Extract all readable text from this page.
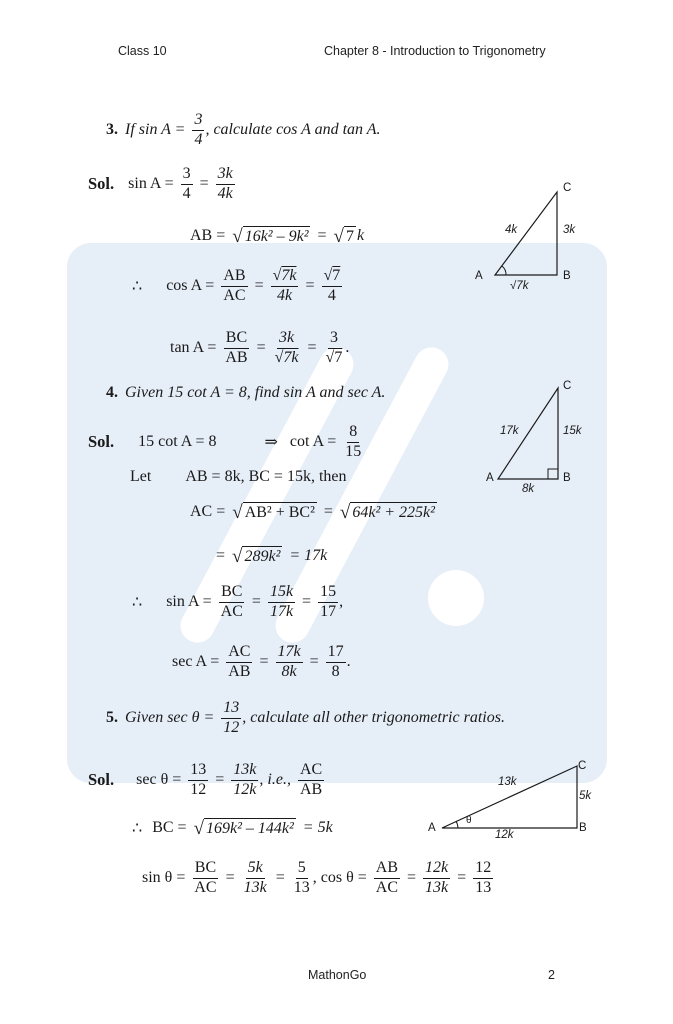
Class 10	Chapter 8 - Introduction to Trigonometry
3. If $\sin A = \frac{3}{4}$ , calculate cos A and tan A.
Sol. $\sin A = \frac{3}{4} = \frac{3k}{4k}$
AB = √ 16k² – 9k² = √ 7 k
∴ $\cos A = \frac{AB}{AC} = \frac{√7k}{4k} = \frac{√7}{4}$
$\tan A = \frac{BC}{AB} = \frac{3k}{√7k} = \frac{3}{√7}$ .
C
A	B
4k	3k
√7k
4. Given 15 cot A = 8, find sin A and sec A.
Sol. 15 cot A = 8	⇒ $\cot A = \frac{8}{15}$
Let AB = 8k, BC = 15k, then
AC = √ AB² + BC² = √ 64k² + 225k²
= √ 289k² = 17k
∴ $\sin A = \frac{BC}{AC} = \frac{15k}{17k} = \frac{15}{17}$ ,
$\sec A = \frac{AC}{AB} = \frac{17k}{8k} = \frac{17}{8}$ .
C
A	B
17k	15k
8k
5. Given $\sec \theta = \frac{13}{12}$ , calculate all other trigonometric ratios.
Sol. $\sec \theta = \frac{13}{12} = \frac{13k}{12k}$ , i.e., $\frac{AC}{AB}$
∴ BC = √ 169k² – 144k² = 5k
$\sin \theta = \frac{BC}{AC} = \frac{5k}{13k} = \frac{5}{13}$ , $\cos \theta = \frac{AB}{AC} = \frac{12k}{13k} = \frac{12}{13}$
C
A	B
13k
5k
12k
θ
MathonGo	2
